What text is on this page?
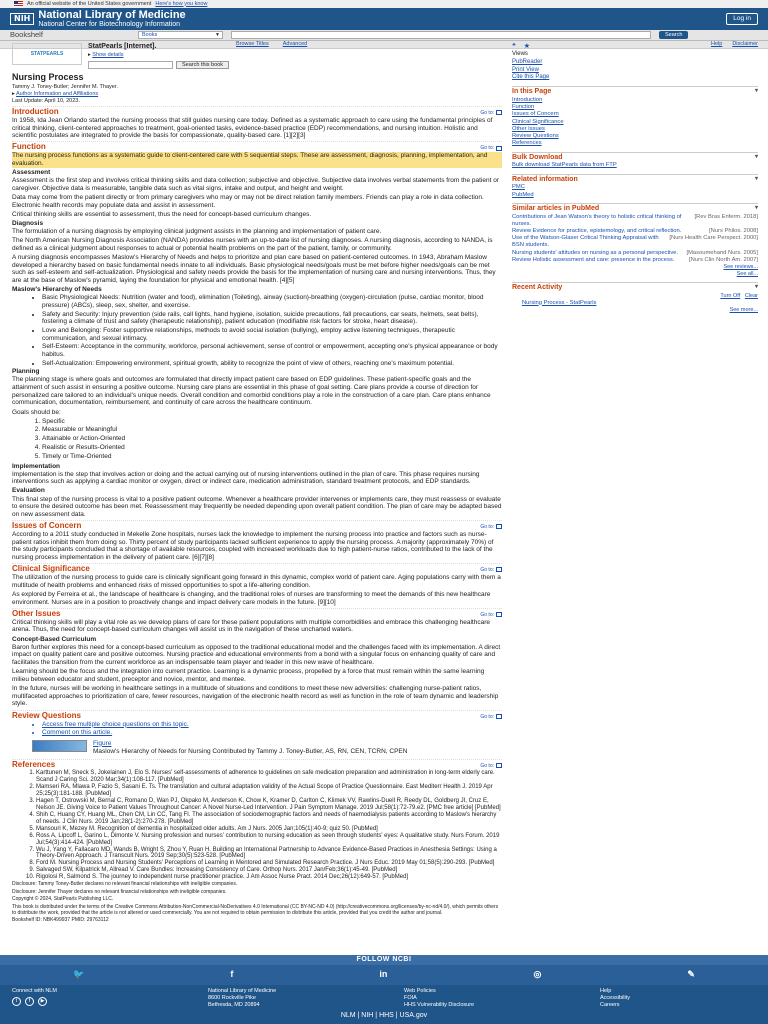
An official website of the United States government Here's how you know
NIH National Library of Medicine
National Center for Biotechnology Information
Log in
Bookshelf	Books	▼	Search
Browse Titles	Advanced	Help Disclaimer
STATPEARLS
StatPearls [Internet].
▸ Show details
Search this book
Nursing Process
Tammy J. Toney-Butler; Jennifer M. Thayer.
▸ Author Information and Affiliations
Last Update: April 10, 2023.
Introduction	Go to:

In 1958, Ida Jean Orlando started the nursing process that still guides nursing care today. Defined as a systematic approach to care using the fundamental principles of critical thinking, client-centered approaches to treatment, goal-oriented tasks, evidence-based practice (EDP) recommendations, and nursing intuition. Holistic and scientific postulates are integrated to provide the basis for compassionate, quality-based care. [1][2][3]

Function	Go to:

The nursing process functions as a systematic guide to client-centered care with 5 sequential steps. These are assessment, diagnosis, planning, implementation, and evaluation.

Assessment

Assessment is the first step and involves critical thinking skills and data collection; subjective and objective. Subjective data involves verbal statements from the patient or caregiver. Objective data is measurable, tangible data such as vital signs, intake and output, and height and weight.

Data may come from the patient directly or from primary caregivers who may or may not be direct relation family members. Friends can play a role in data collection. Electronic health records may populate data and assist in assessment.

Critical thinking skills are essential to assessment, thus the need for concept-based curriculum changes.

Diagnosis

The formulation of a nursing diagnosis by employing clinical judgment assists in the planning and implementation of patient care.

The North American Nursing Diagnosis Association (NANDA) provides nurses with an up-to-date list of nursing diagnoses. A nursing diagnosis, according to NANDA, is defined as a clinical judgment about responses to actual or potential health problems on the part of the patient, family, or community.

A nursing diagnosis encompasses Maslow's Hierarchy of Needs and helps to prioritize and plan care based on patient-centered outcomes. In 1943, Abraham Maslow developed a hierarchy based on basic fundamental needs innate to all individuals. Basic physiological needs/goals must be met before higher needs/goals can be met such as self-esteem and self-actualization. Physiological and safety needs provide the basis for the implementation of nursing care and nursing interventions. Thus, they are at the base of Maslow's pyramid, laying the foundation for physical and emotional health. [4][5]

Maslow's Hierarchy of Needs
• Basic Physiological Needs: Nutrition (water and food), elimination (Toileting), airway (suction)-breathing (oxygen)-circulation (pulse, cardiac monitor, blood pressure) (ABCs), sleep, sex, shelter, and exercise.
• Safety and Security: Injury prevention (side rails, call lights, hand hygiene, isolation, suicide precautions, fall precautions, car seats, helmets, seat belts), fostering a climate of trust and safety (therapeutic relationship), patient education (modifiable risk factors for stroke, heart disease).
• Love and Belonging: Foster supportive relationships, methods to avoid social isolation (bullying), employ active listening techniques, therapeutic communication, and sexual intimacy.
• Self-Esteem: Acceptance in the community, workforce, personal achievement, sense of control or empowerment, accepting one's physical appearance or body habitus.
• Self-Actualization: Empowering environment, spiritual growth, ability to recognize the point of view of others, reaching one's maximum potential.
Planning

The planning stage is where goals and outcomes are formulated that directly impact patient care based on EDP guidelines. These patient-specific goals and the attainment of such assist in ensuring a positive outcome. Nursing care plans are essential in this phase of goal setting. Care plans provide a course of direction for personalized care tailored to an individual's unique needs. Overall condition and comorbid conditions play a role in the construction of a care plan. Care plans enhance communication, documentation, reimbursement, and continuity of care across the healthcare continuum.

Goals should be:

1. Specific
2. Measurable or Meaningful
3. Attainable or Action-Oriented
4. Realistic or Results-Oriented
5. Timely or Time-Oriented
Implementation

Implementation is the step that involves action or doing and the actual carrying out of nursing interventions outlined in the plan of care. This phase requires nursing interventions such as applying a cardiac monitor or oxygen, direct or indirect care, medication administration, standard treatment protocols, and EDP standards.

Evaluation

This final step of the nursing process is vital to a positive patient outcome. Whenever a healthcare provider intervenes or implements care, they must reassess or evaluate to ensure the desired outcome has been met. Reassessment may frequently be needed depending upon overall patient condition. The plan of care may be adapted based on new assessment data.

Issues of Concern	Go to:

According to a 2011 study conducted in Mekelle Zone hospitals, nurses lack the knowledge to implement the nursing process into practice and factors such as nurse-patient ratios inhibit them from doing so. Thirty percent of study participants lacked sufficient experience to apply the nursing process. A majority (approximately 70%) of the study participants concluded that a shortage of available resources, coupled with increased workloads due to high patient-nurse ratios, contributed to the lack of the nursing process implementation in the delivery of patient care. [6][7][8]

Clinical Significance	Go to:

The utilization of the nursing process to guide care is clinically significant going forward in this dynamic, complex world of patient care. Aging populations carry with them a multitude of health problems and enhanced risks of missed opportunities to spot a life-altering condition.

As explored by Ferreira et al., the landscape of healthcare is changing, and the traditional roles of nurses are transforming to meet the demands of this new healthcare environment. Nurses are in a position to proactively change and impact delivery care models in the future. [9][10]

Other Issues	Go to:

Critical thinking skills will play a vital role as we develop plans of care for these patient populations with multiple comorbidities and embrace this challenging healthcare arena. Thus, the need for concept-based curriculum changes will assist us in the navigation of these uncharted waters.

Concept-Based Curriculum

Baron further explores this need for a concept-based curriculum as opposed to the traditional educational model and the challenges faced with its implementation. A direct impact on quality patient care and positive outcomes. Nursing practice and educational environments from a bond with a singular focus on enhancing quality of care and facilitates the transition from the current workforce as an indispensable team player and leader in this new wave of healthcare.

Learning should be the focus and the integration into current practice. Learning is a dynamic process, propelled by a force that must remain within the same learning milieu between educator and student, preceptor and novice, mentor, and mentee.

In the future, nurses will be working in healthcare settings in a multitude of situations and conditions to meet these new adversities: challenging nurse-patient ratios, multifaceted approaches to prioritization of care, fewer resources, navigation of the electronic health record as well as function in the role of team dynamic and leadership style.

Review Questions	Go to:
• Access free multiple choice questions on this topic.
• Comment on this article.
Figure
Maslow's Hierarchy of Needs for Nursing Contributed by Tammy J. Toney-Butler, AS, RN, CEN, TCRN, CPEN
References	Go to:
1. Karttunen M, Sneck S, Jokelainen J, Elo S. Nurses' self-assessments of adherence to guidelines on safe medication preparation and administration in long-term elderly care. Scand J Caring Sci. 2020 Mar;34(1):108-117. [PubMed]
2. Mamseri RA, Mlawa P, Fazio S, Sasani E. Ts. The translation and cultural adaptation validity of the Actual Scope of Practice Questionnaire. East Mediterr Health J. 2019 Apr 25;25(3):181-188. [PubMed]
3. Hagen T, Ostrowski M, Bernal C, Romano D, Wan PJ, Okpako M, Anderson K, Chow K, Kramer D, Carlton C, Klimek VV, Rawlins-Duell R, Reedy DL, Goldberg JI, Cruz E, Nelson JE. Giving Voice to Patient Values Throughout Cancer: A Novel Nurse-Led Intervention. J Pain Symptom Manage. 2019 Jul;58(1):72-79.e2. [PMC free article] [PubMed]
4. Shih C, Huang CY, Huang ML, Chen CM, Lin CC, Tang FI. The association of sociodemographic factors and needs of haemodialysis patients according to Maslow's hierarchy of needs. J Clin Nurs. 2019 Jan;28(1-2):270-278. [PubMed]
5. Mansouri K, Mezey M. Recognition of dementia in hospitalized older adults. Am J Nurs. 2005 Jan;105(1):40-9; quiz 50. [PubMed]
6. Ross A, Lipcoff L, Garino L, Dimonte V. Nursing profession and nurses' contribution to nursing education as seen through students' eyes: A qualitative study. Nurs Forum. 2019 Jul;54(3):414-424. [PubMed]
7. Wu J, Yang Y, Fallacaro MD, Wands B, Wright S, Zhou Y, Ruan H. Building an International Partnership to Advance Evidence-Based Practices in Anesthesia Settings: Using a Theory-Driven Approach. J Transcult Nurs. 2019 Sep;30(5):523-528. [PubMed]
8. Ford M. Nursing Process and Nursing Students' Perceptions of Learning in Mentored and Simulated Research Practice. J Nurs Educ. 2019 May 01;58(5):290-293. [PubMed]
9. Salvaged SW, Kilpatrick M, Allread V. Care Bundles: Increasing Consistency of Care. Orthop Nurs. 2017 Jan/Feb;36(1):45-49. [PubMed]
10. Rigolosi R, Salmond S. The journey to independent nurse practitioner practice. J Am Assoc Nurse Pract. 2014 Dec;26(12):649-57. [PubMed]

Disclosure: Tammy Toney-Butler declares no relevant financial relationships with ineligible companies.

Disclosure: Jennifer Thayer declares no relevant financial relationships with ineligible companies.

Copyright © 2024, StatPearls Publishing LLC.

This book is distributed under the terms of the Creative Commons Attribution-NonCommercial-NoDerivatives 4.0 International (CC BY-NC-ND 4.0) (http://creativecommons.org/licenses/by-nc-nd/4.0/), which permits others to distribute the work, provided that the article is not altered or used commercially. You are not required to obtain permission to distribute this article, provided that you credit the author and journal.

Bookshelf ID: NBK499937 PMID: 29763112

❝ ★
Views
PubReader
Print View
Cite this Page
In this Page	▾
Introduction
Function
Issues of Concern
Clinical Significance
Other Issues
Review Questions
References
Bulk Download	▾
Bulk download StatPearls data from FTP
Related information	▾
PMC
PubMed
Similar articles in PubMed	▾
Contributions of Jean Watson's theory to holistic critical thinking of nurses.
[Rev Bras Enferm. 2018]
Review Evidence for practice, epistemology, and critical reflection.	[Nurs Philos. 2008]
Use of the Watson-Glaser Critical Thinking Appraisal with BSN students.
[Nurs Health Care Perspect. 2000]
Nursing students' attitudes on nursing as a personal perspective. [Masoumehand Nurs. 2005]
Review Holistic assessment and care: presence in the process.	[Nurs Clin North Am. 2007]
See reviews...
See all...
Recent Activity	▾
Turn Off Clear
Nursing Process - StatPearls
See more...
FOLLOW NCBI
🐦	f	in	◎	✎
Connect with NLM
t	f	▶
National Library of Medicine
8600 Rockville Pike
Bethesda, MD 20894
Web Policies
FOIA
HHS Vulnerability Disclosure
Help
Accessibility
Careers
NLM | NIH | HHS | USA.gov
